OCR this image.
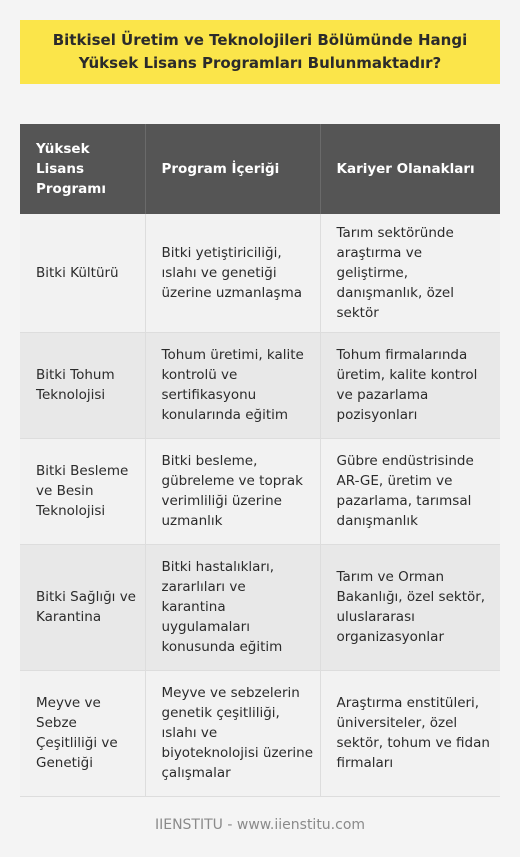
Bitkisel Üretim ve Teknolojileri Bölümünde Hangi Yüksek Lisans Programları Bulunmaktadır?
Yüksek Lisans Programı	Program İçeriği	Kariyer Olanakları
Bitki Kültürü	Bitki yetiştiriciliği, ıslahı ve genetiği üzerine uzmanlaşma	Tarım sektöründe araştırma ve geliştirme, danışmanlık, özel sektör
Bitki Tohum Teknolojisi	Tohum üretimi, kalite kontrolü ve sertifikasyonu konularında eğitim	Tohum firmalarında üretim, kalite kontrol ve pazarlama pozisyonları
Bitki Besleme ve Besin Teknolojisi	Bitki besleme, gübreleme ve toprak verimliliği üzerine uzmanlık	Gübre endüstrisinde AR-GE, üretim ve pazarlama, tarımsal danışmanlık
Bitki Sağlığı ve Karantina	Bitki hastalıkları, zararlıları ve karantina uygulamaları konusunda eğitim	Tarım ve Orman Bakanlığı, özel sektör, uluslararası organizasyonlar
Meyve ve Sebze Çeşitliliği ve Genetiği	Meyve ve sebzelerin genetik çeşitliliği, ıslahı ve biyoteknolojisi üzerine çalışmalar	Araştırma enstitüleri, üniversiteler, özel sektör, tohum ve fidan firmaları
IIENSTITU - www.iienstitu.com
